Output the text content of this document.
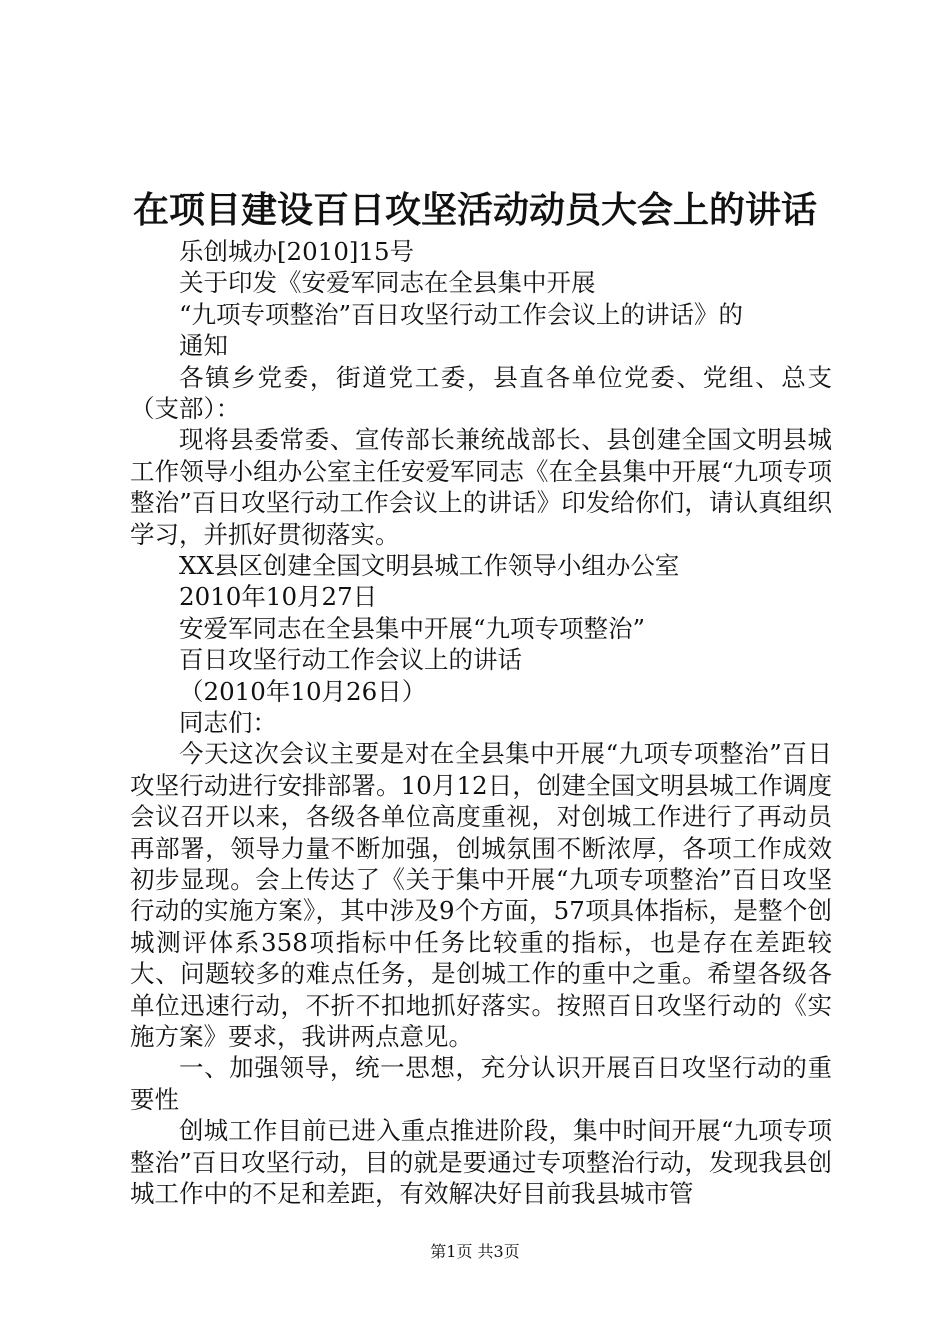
在项目建设百日攻坚活动动员大会上的讲话
乐创城办[2010]15号
关于印发《安爱军同志在全县集中开展
“九项专项整治”百日攻坚行动工作会议上的讲话》的
通知

各镇乡党委，街道党工委，县直各单位党委、党组、总支（支部）：

现将县委常委、宣传部长兼统战部长、县创建全国文明县城工作领导小组办公室主任安爱军同志《在全县集中开展“九项专项整治”百日攻坚行动工作会议上的讲话》印发给你们，请认真组织学习，并抓好贯彻落实。

XX县区创建全国文明县城工作领导小组办公室
2010年10月27日
安爱军同志在全县集中开展“九项专项整治”
百日攻坚行动工作会议上的讲话
（2010年10月26日）
同志们：

今天这次会议主要是对在全县集中开展“九项专项整治”百日攻坚行动进行安排部署。10月12日，创建全国文明县城工作调度会议召开以来，各级各单位高度重视，对创城工作进行了再动员再部署，领导力量不断加强，创城氛围不断浓厚，各项工作成效初步显现。会上传达了《关于集中开展“九项专项整治”百日攻坚行动的实施方案》，其中涉及9个方面，57项具体指标，是整个创城测评体系358项指标中任务比较重的指标，也是存在差距较大、问题较多的难点任务，是创城工作的重中之重。希望各级各单位迅速行动，不折不扣地抓好落实。按照百日攻坚行动的《实施方案》要求，我讲两点意见。

一、加强领导，统一思想，充分认识开展百日攻坚行动的重要性

创城工作目前已进入重点推进阶段，集中时间开展“九项专项整治”百日攻坚行动，目的就是要通过专项整治行动，发现我县创城工作中的不足和差距，有效解决好目前我县城市管

第1页 共3页
